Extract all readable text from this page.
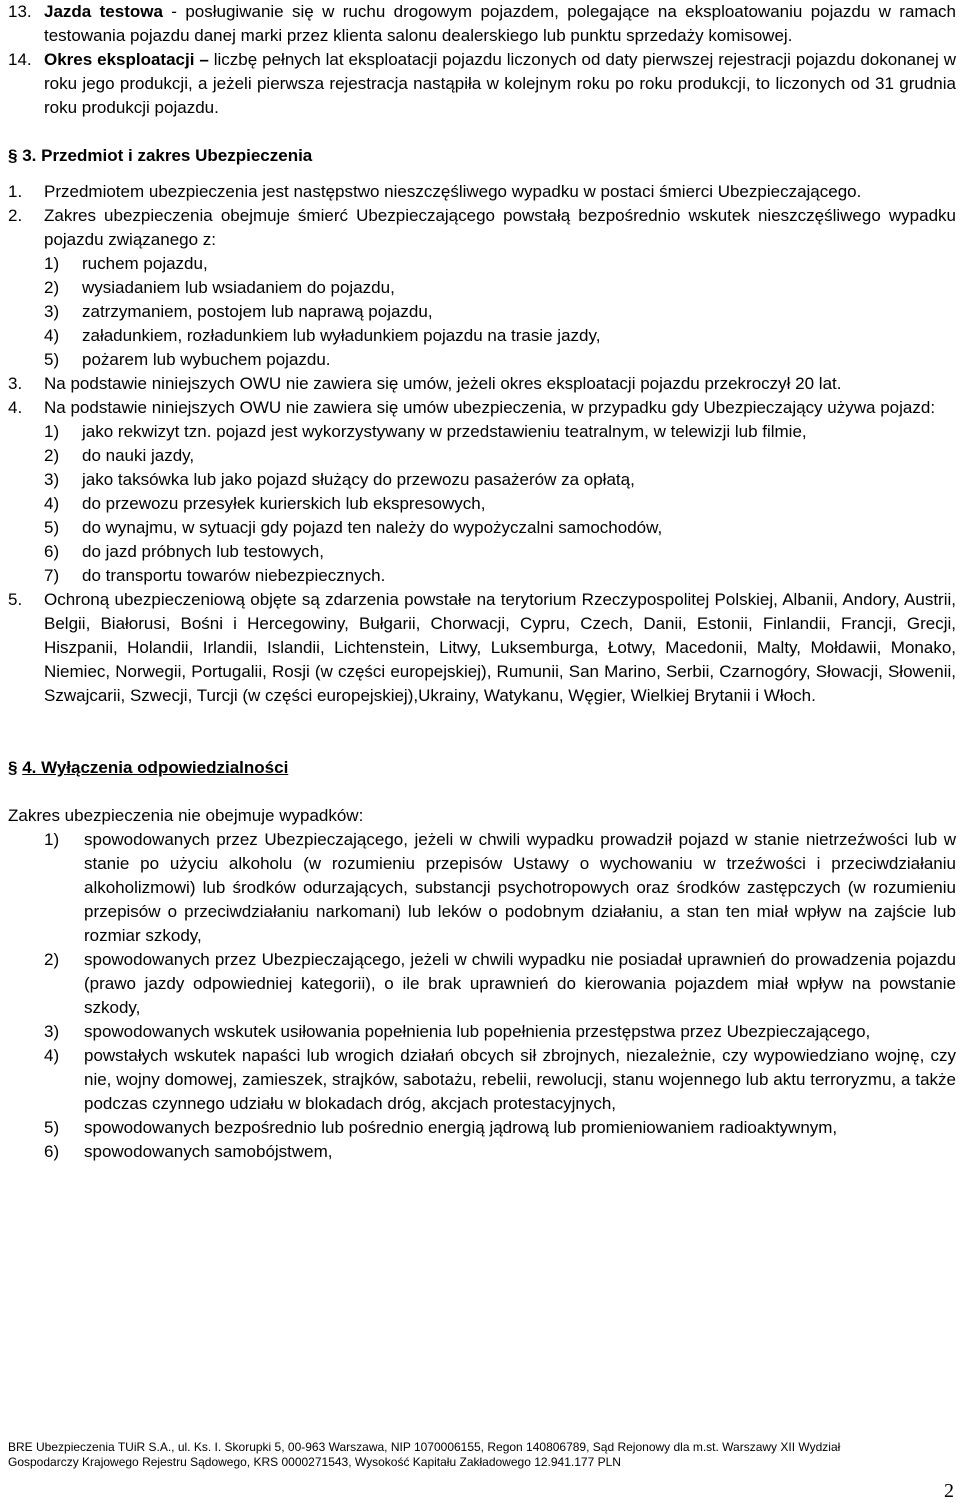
13. Jazda testowa - posługiwanie się w ruchu drogowym pojazdem, polegające na eksploatowaniu pojazdu w ramach testowania pojazdu danej marki przez klienta salonu dealerskiego lub punktu sprzedaży komisowej.
14. Okres eksploatacji – liczbę pełnych lat eksploatacji pojazdu liczonych od daty pierwszej rejestracji pojazdu dokonanej w roku jego produkcji, a jeżeli pierwsza rejestracja nastąpiła w kolejnym roku po roku produkcji, to liczonych od 31 grudnia roku produkcji pojazdu.
§ 3. Przedmiot i zakres Ubezpieczenia
1.	Przedmiotem ubezpieczenia jest następstwo nieszczęśliwego wypadku w postaci śmierci Ubezpieczającego.
2.	Zakres ubezpieczenia obejmuje śmierć Ubezpieczającego powstałą bezpośrednio wskutek nieszczęśliwego wypadku pojazdu związanego z:
1)	ruchem pojazdu,
2)	wysiadaniem lub wsiadaniem do pojazdu,
3)	zatrzymaniem, postojem lub naprawą pojazdu,
4)	załadunkiem, rozładunkiem lub wyładunkiem pojazdu na trasie jazdy,
5)	pożarem lub wybuchem pojazdu.
3.	Na podstawie niniejszych OWU nie zawiera się umów, jeżeli okres eksploatacji pojazdu przekroczył 20 lat.
4.	Na podstawie niniejszych OWU nie zawiera się umów ubezpieczenia, w przypadku gdy Ubezpieczający używa pojazd:
1)	jako rekwizyt tzn. pojazd jest wykorzystywany w przedstawieniu teatralnym, w telewizji lub filmie,
2)	do nauki jazdy,
3)	jako taksówka lub jako pojazd służący do przewozu pasażerów za opłatą,
4)	do przewozu przesyłek kurierskich lub ekspresowych,
5)	do wynajmu, w sytuacji gdy pojazd ten należy do wypożyczalni samochodów,
6)	do jazd próbnych lub testowych,
7)	do transportu towarów niebezpiecznych.
5.	Ochroną ubezpieczeniową objęte są zdarzenia powstałe na terytorium Rzeczypospolitej Polskiej, Albanii, Andory, Austrii, Belgii, Białorusi, Bośni i Hercegowiny, Bułgarii, Chorwacji, Cypru, Czech, Danii, Estonii, Finlandii, Francji, Grecji, Hiszpanii, Holandii, Irlandii, Islandii, Lichtenstein, Litwy, Luksemburga, Łotwy, Macedonii, Malty, Mołdawii, Monako, Niemiec, Norwegii, Portugalii, Rosji (w części europejskiej), Rumunii, San Marino, Serbii, Czarnogóry, Słowacji, Słowenii, Szwajcarii, Szwecji, Turcji (w części europejskiej),Ukrainy, Watykanu, Węgier, Wielkiej Brytanii i Włoch.
§ 4. Wyłączenia odpowiedzialności
Zakres ubezpieczenia nie obejmuje wypadków:
1)	spowodowanych przez Ubezpieczającego, jeżeli w chwili wypadku prowadził pojazd w stanie nietrzeźwości lub w stanie po użyciu alkoholu (w rozumieniu przepisów Ustawy o wychowaniu w trzeźwości i przeciwdziałaniu alkoholizmowi) lub środków odurzających, substancji psychotropowych oraz środków zastępczych (w rozumieniu przepisów o przeciwdziałaniu narkomani) lub leków o podobnym działaniu, a stan ten miał wpływ na zajście lub rozmiar szkody,
2)	spowodowanych przez Ubezpieczającego, jeżeli w chwili wypadku nie posiadał uprawnień do prowadzenia pojazdu (prawo jazdy odpowiedniej kategorii), o ile brak uprawnień do kierowania pojazdem miał wpływ na powstanie szkody,
3)	spowodowanych wskutek usiłowania popełnienia lub popełnienia przestępstwa przez Ubezpieczającego,
4)	powstałych wskutek napaści lub wrogich działań obcych sił zbrojnych, niezależnie, czy wypowiedziano wojnę, czy nie, wojny domowej, zamieszek, strajków, sabotażu, rebelii, rewolucji, stanu wojennego lub aktu terroryzmu, a także podczas czynnego udziału w blokadach dróg, akcjach protestacyjnych,
5)	spowodowanych bezpośrednio lub pośrednio energią jądrową lub promieniowaniem radioaktywnym,
6)	spowodowanych samobójstwem,
BRE Ubezpieczenia TUiR S.A., ul. Ks. I. Skorupki 5, 00-963 Warszawa, NIP 1070006155, Regon 140806789, Sąd Rejonowy dla m.st. Warszawy XII Wydział
Gospodarczy Krajowego Rejestru Sądowego, KRS 0000271543, Wysokość Kapitału Zakładowego 12.941.177 PLN
2
